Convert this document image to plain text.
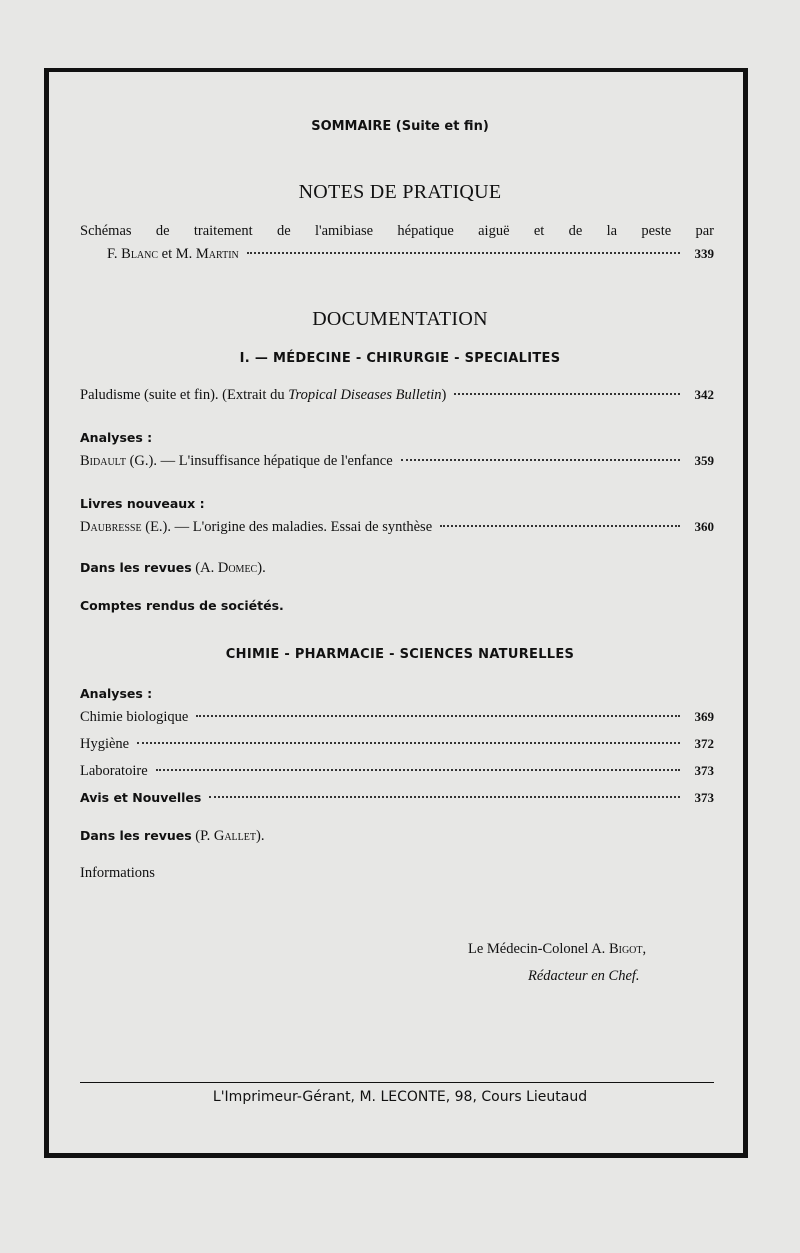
SOMMAIRE (Suite et fin)
NOTES DE PRATIQUE
Schémas de traitement de l'amibiase hépatique aiguë et de la peste par
F. Blanc et M. Martin	339
DOCUMENTATION
I. — MÉDECINE - CHIRURGIE - SPECIALITES
Paludisme (suite et fin). (Extrait du Tropical Diseases Bulletin)	342
Analyses :
Bidault (G.). — L'insuffisance hépatique de l'enfance	359
Livres nouveaux :
Daubresse (E.). — L'origine des maladies. Essai de synthèse	360
Dans les revues (A. Domec).
Comptes rendus de sociétés.
CHIMIE - PHARMACIE - SCIENCES NATURELLES
Analyses :
Chimie biologique	369
Hygiène	372
Laboratoire	373
Avis et Nouvelles	373
Dans les revues (P. Gallet).
Informations
Le Médecin-Colonel A. Bigot,
Rédacteur en Chef.
L'Imprimeur-Gérant, M. LECONTE, 98, Cours Lieutaud
